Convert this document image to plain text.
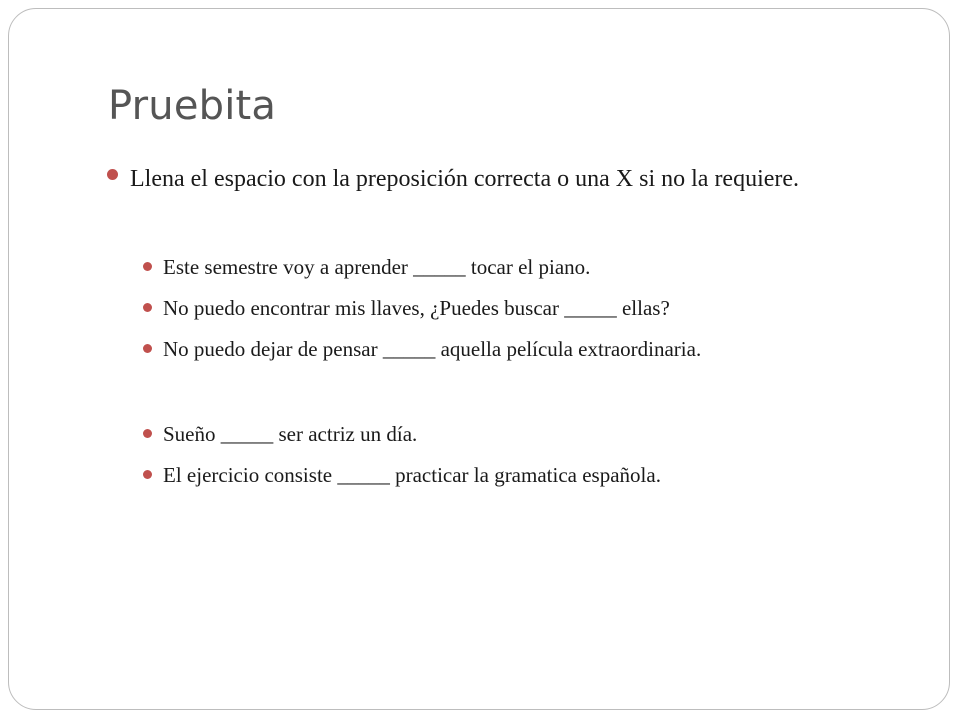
Pruebita
Llena el espacio con la preposición correcta o una X si no la requiere.
Este semestre voy a aprender _____ tocar el piano.
No puedo encontrar mis llaves, ¿Puedes buscar _____ ellas?
No puedo dejar de pensar _____ aquella película extraordinaria.
Sueño _____ ser actriz un día.
El ejercicio consiste _____ practicar la gramatica española.
